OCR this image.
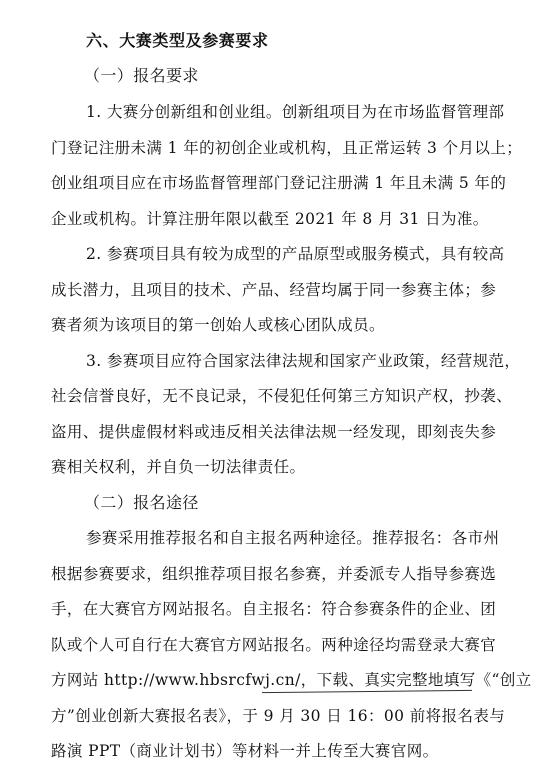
六、大赛类型及参赛要求
（一）报名要求
1. 大赛分创新组和创业组。创新组项目为在市场监督管理部
门登记注册未满 1 年的初创企业或机构，且正常运转 3 个月以上；
创业组项目应在市场监督管理部门登记注册满 1 年且未满 5 年的
企业或机构。计算注册年限以截至 2021 年 8 月 31 日为准。
2. 参赛项目具有较为成型的产品原型或服务模式，具有较高
成长潜力，且项目的技术、产品、经营均属于同一参赛主体；参
赛者须为该项目的第一创始人或核心团队成员。
3. 参赛项目应符合国家法律法规和国家产业政策，经营规范，
社会信誉良好，无不良记录，不侵犯任何第三方知识产权，抄袭、
盗用、提供虚假材料或违反相关法律法规一经发现，即刻丧失参
赛相关权利，并自负一切法律责任。
（二）报名途径
参赛采用推荐报名和自主报名两种途径。推荐报名：各市州
根据参赛要求，组织推荐项目报名参赛，并委派专人指导参赛选
手，在大赛官方网站报名。自主报名：符合参赛条件的企业、团
队或个人可自行在大赛官方网站报名。两种途径均需登录大赛官
方网站 http://www.hbsrcfwj.cn/，下载、真实完整地填写《“创立
方”创业创新大赛报名表》，于 9 月 30 日 16：00 前将报名表与
路演 PPT（商业计划书）等材料一并上传至大赛官网。
